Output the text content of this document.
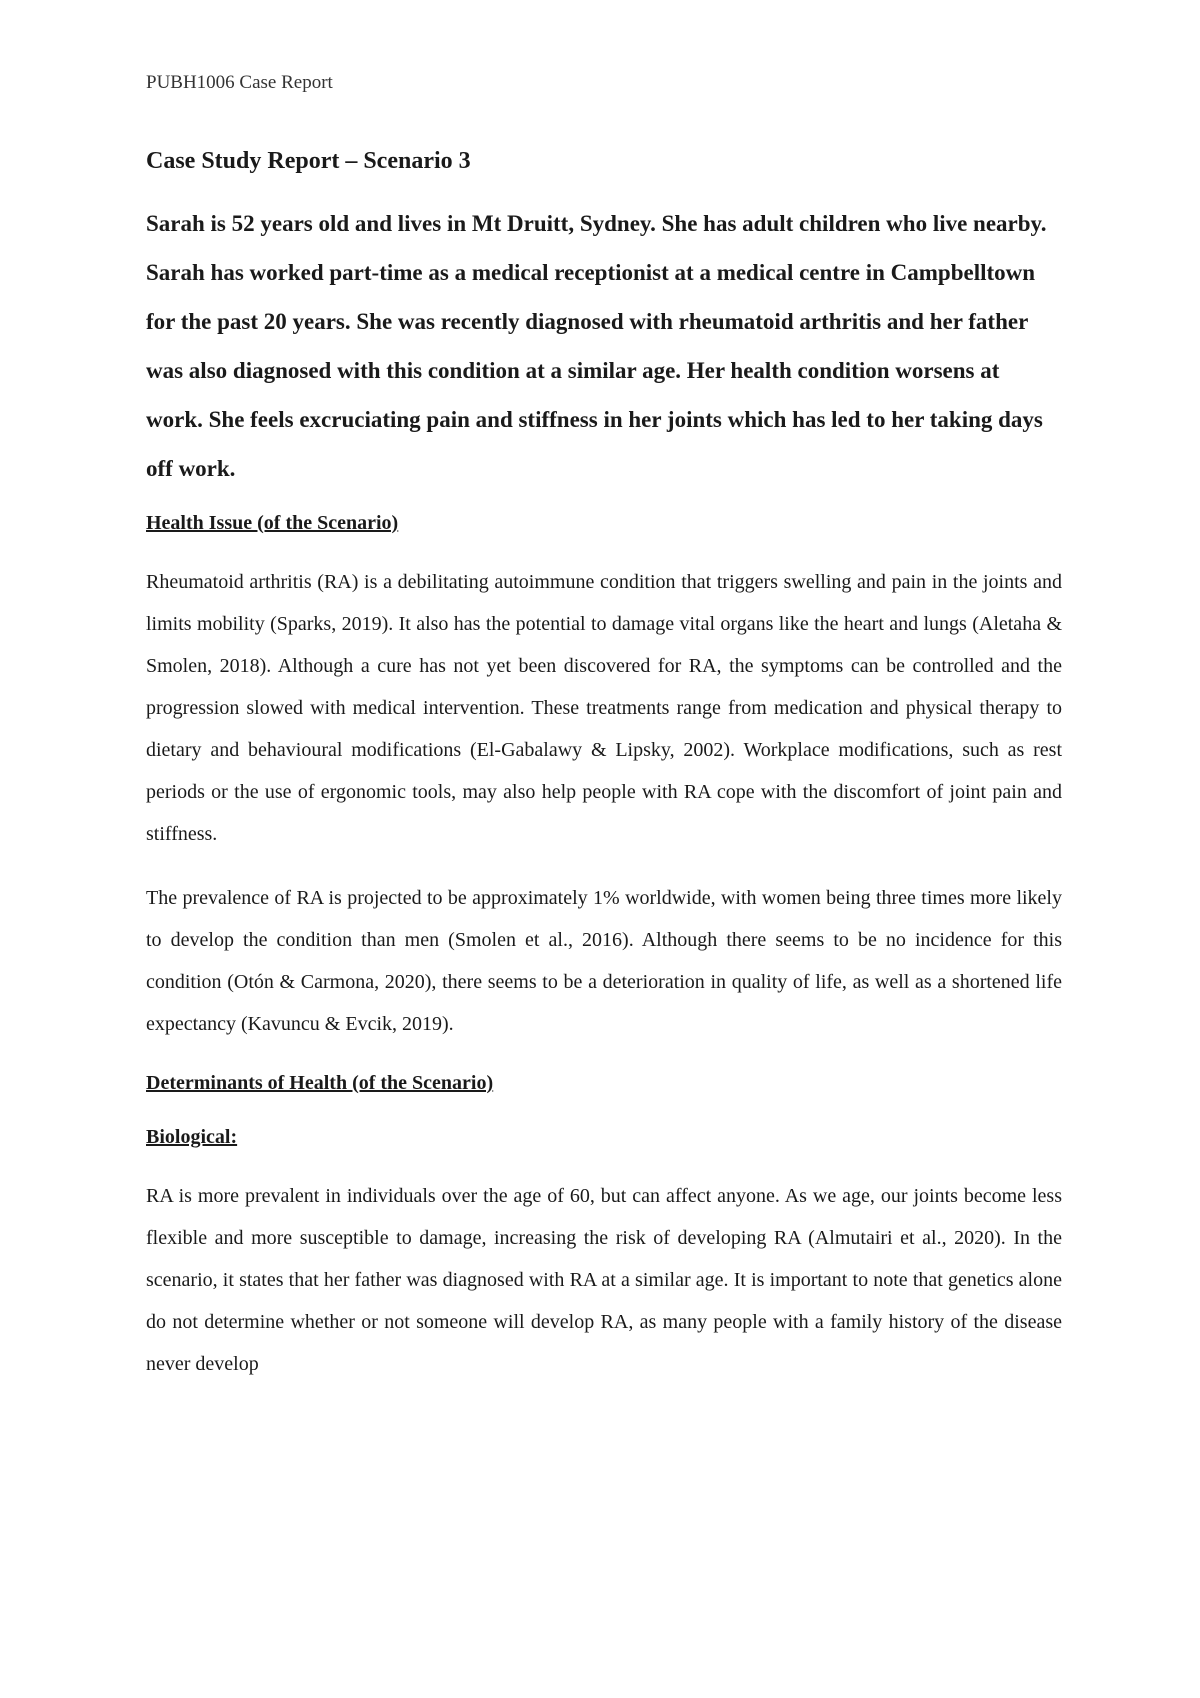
PUBH1006 Case Report
Case Study Report – Scenario 3

Sarah is 52 years old and lives in Mt Druitt, Sydney. She has adult children who live nearby. Sarah has worked part-time as a medical receptionist at a medical centre in Campbelltown for the past 20 years. She was recently diagnosed with rheumatoid arthritis and her father was also diagnosed with this condition at a similar age. Her health condition worsens at work. She feels excruciating pain and stiffness in her joints which has led to her taking days off work.

Health Issue (of the Scenario)

Rheumatoid arthritis (RA) is a debilitating autoimmune condition that triggers swelling and pain in the joints and limits mobility (Sparks, 2019). It also has the potential to damage vital organs like the heart and lungs (Aletaha & Smolen, 2018). Although a cure has not yet been discovered for RA, the symptoms can be controlled and the progression slowed with medical intervention. These treatments range from medication and physical therapy to dietary and behavioural modifications (El-Gabalawy & Lipsky, 2002). Workplace modifications, such as rest periods or the use of ergonomic tools, may also help people with RA cope with the discomfort of joint pain and stiffness.

The prevalence of RA is projected to be approximately 1% worldwide, with women being three times more likely to develop the condition than men (Smolen et al., 2016). Although there seems to be no incidence for this condition (Otón & Carmona, 2020), there seems to be a deterioration in quality of life, as well as a shortened life expectancy (Kavuncu & Evcik, 2019).

Determinants of Health (of the Scenario)
Biological:

RA is more prevalent in individuals over the age of 60, but can affect anyone. As we age, our joints become less flexible and more susceptible to damage, increasing the risk of developing RA (Almutairi et al., 2020). In the scenario, it states that her father was diagnosed with RA at a similar age. It is important to note that genetics alone do not determine whether or not someone will develop RA, as many people with a family history of the disease never develop
